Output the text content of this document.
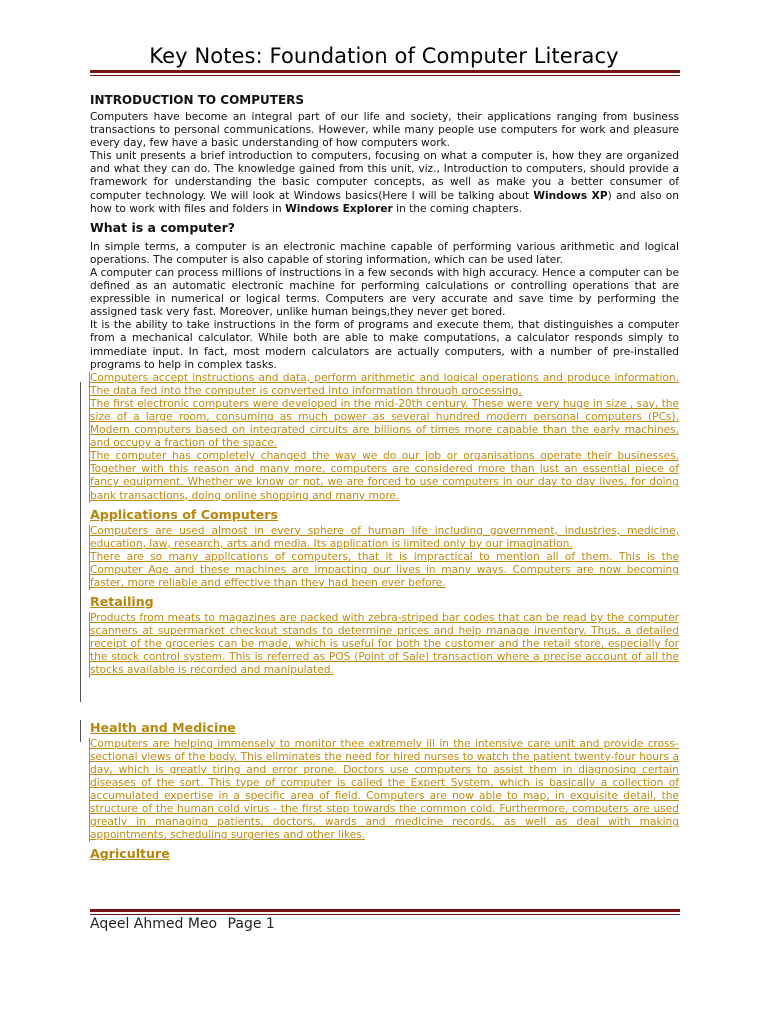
Key Notes: Foundation of Computer Literacy
INTRODUCTION TO COMPUTERS

Computers have become an integral part of our life and society, their applications ranging from business transactions to personal communications. However, while many people use computers for work and pleasure every day, few have a basic understanding of how computers work.

This unit presents a brief introduction to computers, focusing on what a computer is, how they are organized and what they can do. The knowledge gained from this unit, viz., Introduction to computers, should provide a framework for understanding the basic computer concepts, as well as make you a better consumer of computer technology. We will look at Windows basics(Here I will be talking about Windows XP) and also on how to work with files and folders in Windows Explorer in the coming chapters.

What is a computer?

In simple terms, a computer is an electronic machine capable of performing various arithmetic and logical operations. The computer is also capable of storing information, which can be used later.

A computer can process millions of instructions in a few seconds with high accuracy. Hence a computer can be defined as an automatic electronic machine for performing calculations or controlling operations that are expressible in numerical or logical terms. Computers are very accurate and save time by performing the assigned task very fast. Moreover, unlike human beings,they never get bored.

It is the ability to take instructions in the form of programs and execute them, that distinguishes a computer from a mechanical calculator. While both are able to make computations, a calculator responds simply to immediate input. In fact, most modern calculators are actually computers, with a number of pre-installed programs to help in complex tasks.

Computers accept instructions and data, perform arithmetic and logical operations and produce information. The data fed into the computer is converted into information through processing.

The first electronic computers were developed in the mid-20th century. These were very huge in size , say, the size of a large room, consuming as much power as several hundred modern personal computers (PCs). Modern computers based on integrated circuits are billions of times more capable than the early machines, and occupy a fraction of the space.

The computer has completely changed the way we do our job or organisations operate their businesses. Together with this reason and many more, computers are considered more than just an essential piece of fancy equipment. Whether we know or not, we are forced to use computers in our day to day lives, for doing bank transactions, doing online shopping and many more.

Applications of Computers

Computers are used almost in every sphere of human life including government, industries, medicine, education, law, research, arts and media. Its application is limited only by our imagination.

There are so many applications of computers, that it is impractical to mention all of them. This is the Computer Age and these machines are impacting our lives in many ways. Computers are now becoming faster, more reliable and effective than they had been ever before.

Retailing

Products from meats to magazines are packed with zebra-striped bar codes that can be read by the computer scanners at supermarket checkout stands to determine prices and help manage inventory. Thus, a detailed receipt of the groceries can be made, which is useful for both the customer and the retail store, especially for the stock control system. This is referred as POS (Point of Sale) transaction where a precise account of all the stocks available is recorded and manipulated.

Health and Medicine

Computers are helping immensely to monitor thee extremely ill in the intensive care unit and provide cross-sectional views of the body. This eliminates the need for hired nurses to watch the patient twenty-four hours a day, which is greatly tiring and error prone. Doctors use computers to assist them in diagnosing certain diseases of the sort. This type of computer is called the Expert System, which is basically a collection of accumulated expertise in a specific area of field. Computers are now able to map, in exquisite detail, the structure of the human cold virus - the first step towards the common cold. Furthermore, computers are used greatly in managing patients, doctors, wards and medicine records, as well as deal with making appointments, scheduling surgeries and other likes.

Agriculture
Aqeel Ahmed Meo Page 1
